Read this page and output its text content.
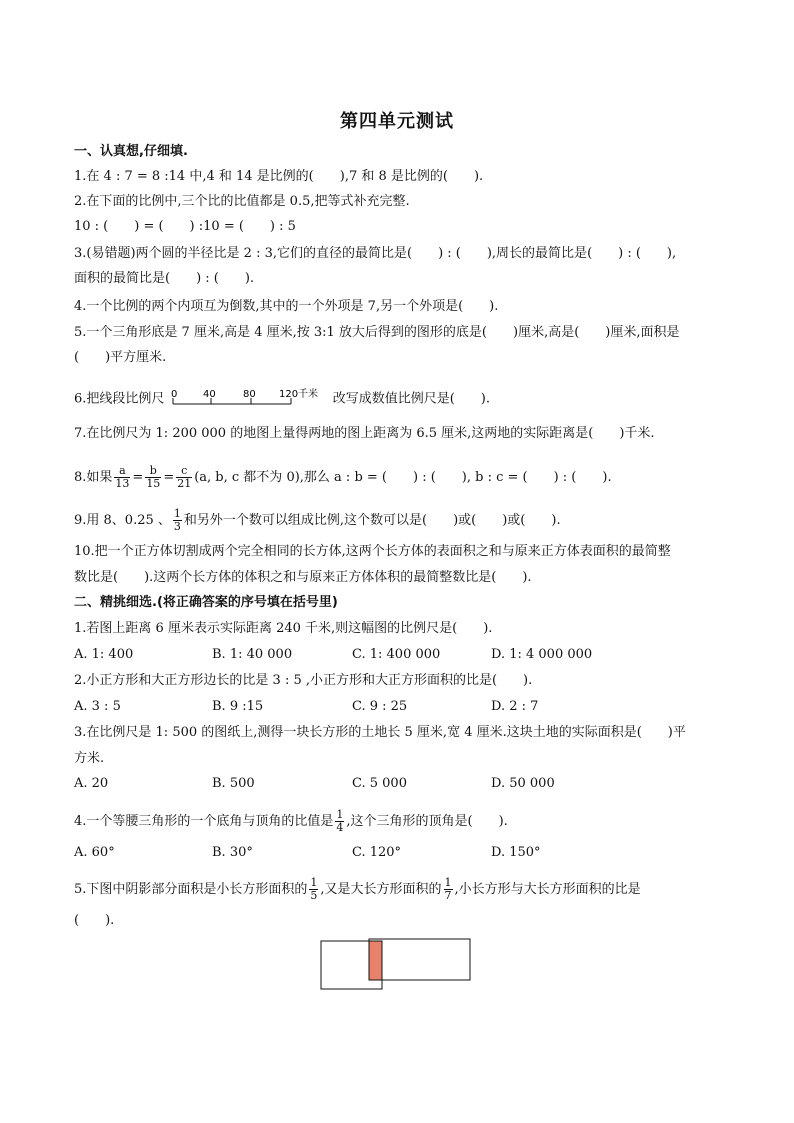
第四单元测试
一、认真想,仔细填.
1.在 4 : 7 = 8 :14 中,4 和 14 是比例的(　　),7 和 8 是比例的(　　).
2.在下面的比例中,三个比的比值都是 0.5,把等式补充完整.
10 : (　　) = (　　) :10 = (　　) : 5
3.(易错题)两个圆的半径比是 2 : 3,它们的直径的最简比是(　　) : (　　),周长的最简比是(　　) : (　　),
面积的最简比是(　　) : (　　).
4.一个比例的两个内项互为倒数,其中的一个外项是 7,另一个外项是(　　).
5.一个三角形底是 7 厘米,高是 4 厘米,按 3:1 放大后得到的图形的底是(　　)厘米,高是(　　)厘米,面积是
(　　)平方厘米.
6.把线段比例尺 0	40	80 120 千米 改写成数值比例尺是(　　).
7.在比例尺为 1: 200 000 的地图上量得两地的图上距离为 6.5 厘米,这两地的实际距离是(　　)千米.
8.如果 $\frac{a}{13} = \frac{b}{15} = \frac{c}{21} (a$, b, c 都不为 0),那么 a : b = (　　) : (　　), b : c = (　　) : (　　).
9.用 8、0.25 、 $\frac{1}{3}$ 和另外一个数可以组成比例,这个数可以是(　　)或(　　)或(　　).
10.把一个正方体切割成两个完全相同的长方体,这两个长方体的表面积之和与原来正方体表面积的最简整
数比是(　　).这两个长方体的体积之和与原来正方体体积的最简整数比是(　　).
二、精挑细选.(将正确答案的序号填在括号里)
1.若图上距离 6 厘米表示实际距离 240 千米,则这幅图的比例尺是(　　).
A. 1: 400	B. 1: 40 000	C. 1: 400 000	D. 1: 4 000 000
2.小正方形和大正方形边长的比是 3 : 5 ,小正方形和大正方形面积的比是(　　).
A. 3 : 5	B. 9 :15	C. 9 : 25	D. 2 : 7
3.在比例尺是 1: 500 的图纸上,测得一块长方形的土地长 5 厘米,宽 4 厘米.这块土地的实际面积是(　　)平
方米.
A. 20	B. 500	C. 5 000	D. 50 000
4.一个等腰三角形的一个底角与顶角的比值是 $\frac{1}{4}$ ,这个三角形的顶角是(　　).
A. 60°	B. 30°	C. 120°	D. 150°
5.下图中阴影部分面积是小长方形面积的 $\frac{1}{5}$ ,又是大长方形面积的 $\frac{1}{7}$ ,小长方形与大长方形面积的比是
(　　).
